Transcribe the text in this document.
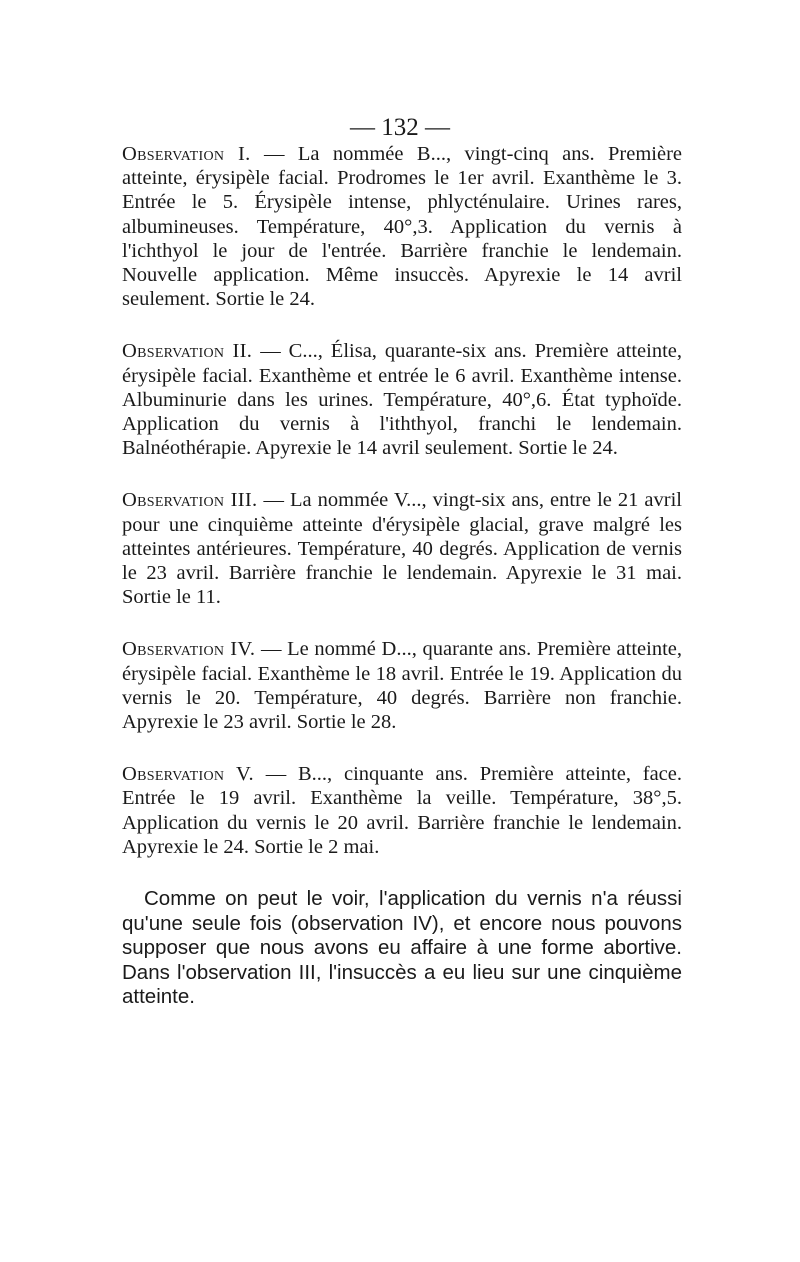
— 132 —

Observation I. — La nommée B..., vingt-cinq ans. Première atteinte, érysipèle facial. Prodromes le 1er avril. Exanthème le 3. Entrée le 5. Érysipèle intense, phlycténulaire. Urines rares, albumineuses. Température, 40°,3. Application du vernis à l'ichthyol le jour de l'entrée. Barrière franchie le lendemain. Nouvelle application. Même insuccès. Apyrexie le 14 avril seulement. Sortie le 24.

Observation II. — C..., Élisa, quarante-six ans. Première atteinte, érysipèle facial. Exanthème et entrée le 6 avril. Exanthème intense. Albuminurie dans les urines. Température, 40°,6. État typhoïde. Application du vernis à l'iththyol, franchi le lendemain. Balnéothérapie. Apyrexie le 14 avril seulement. Sortie le 24.

Observation III. — La nommée V..., vingt-six ans, entre le 21 avril pour une cinquième atteinte d'érysipèle glacial, grave malgré les atteintes antérieures. Température, 40 degrés. Application de vernis le 23 avril. Barrière franchie le lendemain. Apyrexie le 31 mai. Sortie le 11.

Observation IV. — Le nommé D..., quarante ans. Première atteinte, érysipèle facial. Exanthème le 18 avril. Entrée le 19. Application du vernis le 20. Température, 40 degrés. Barrière non franchie. Apyrexie le 23 avril. Sortie le 28.

Observation V. — B..., cinquante ans. Première atteinte, face. Entrée le 19 avril. Exanthème la veille. Température, 38°,5. Application du vernis le 20 avril. Barrière franchie le lendemain. Apyrexie le 24. Sortie le 2 mai.

Comme on peut le voir, l'application du vernis n'a réussi qu'une seule fois (observation IV), et encore nous pouvons supposer que nous avons eu affaire à une forme abortive. Dans l'observation III, l'insuccès a eu lieu sur une cinquième atteinte.
